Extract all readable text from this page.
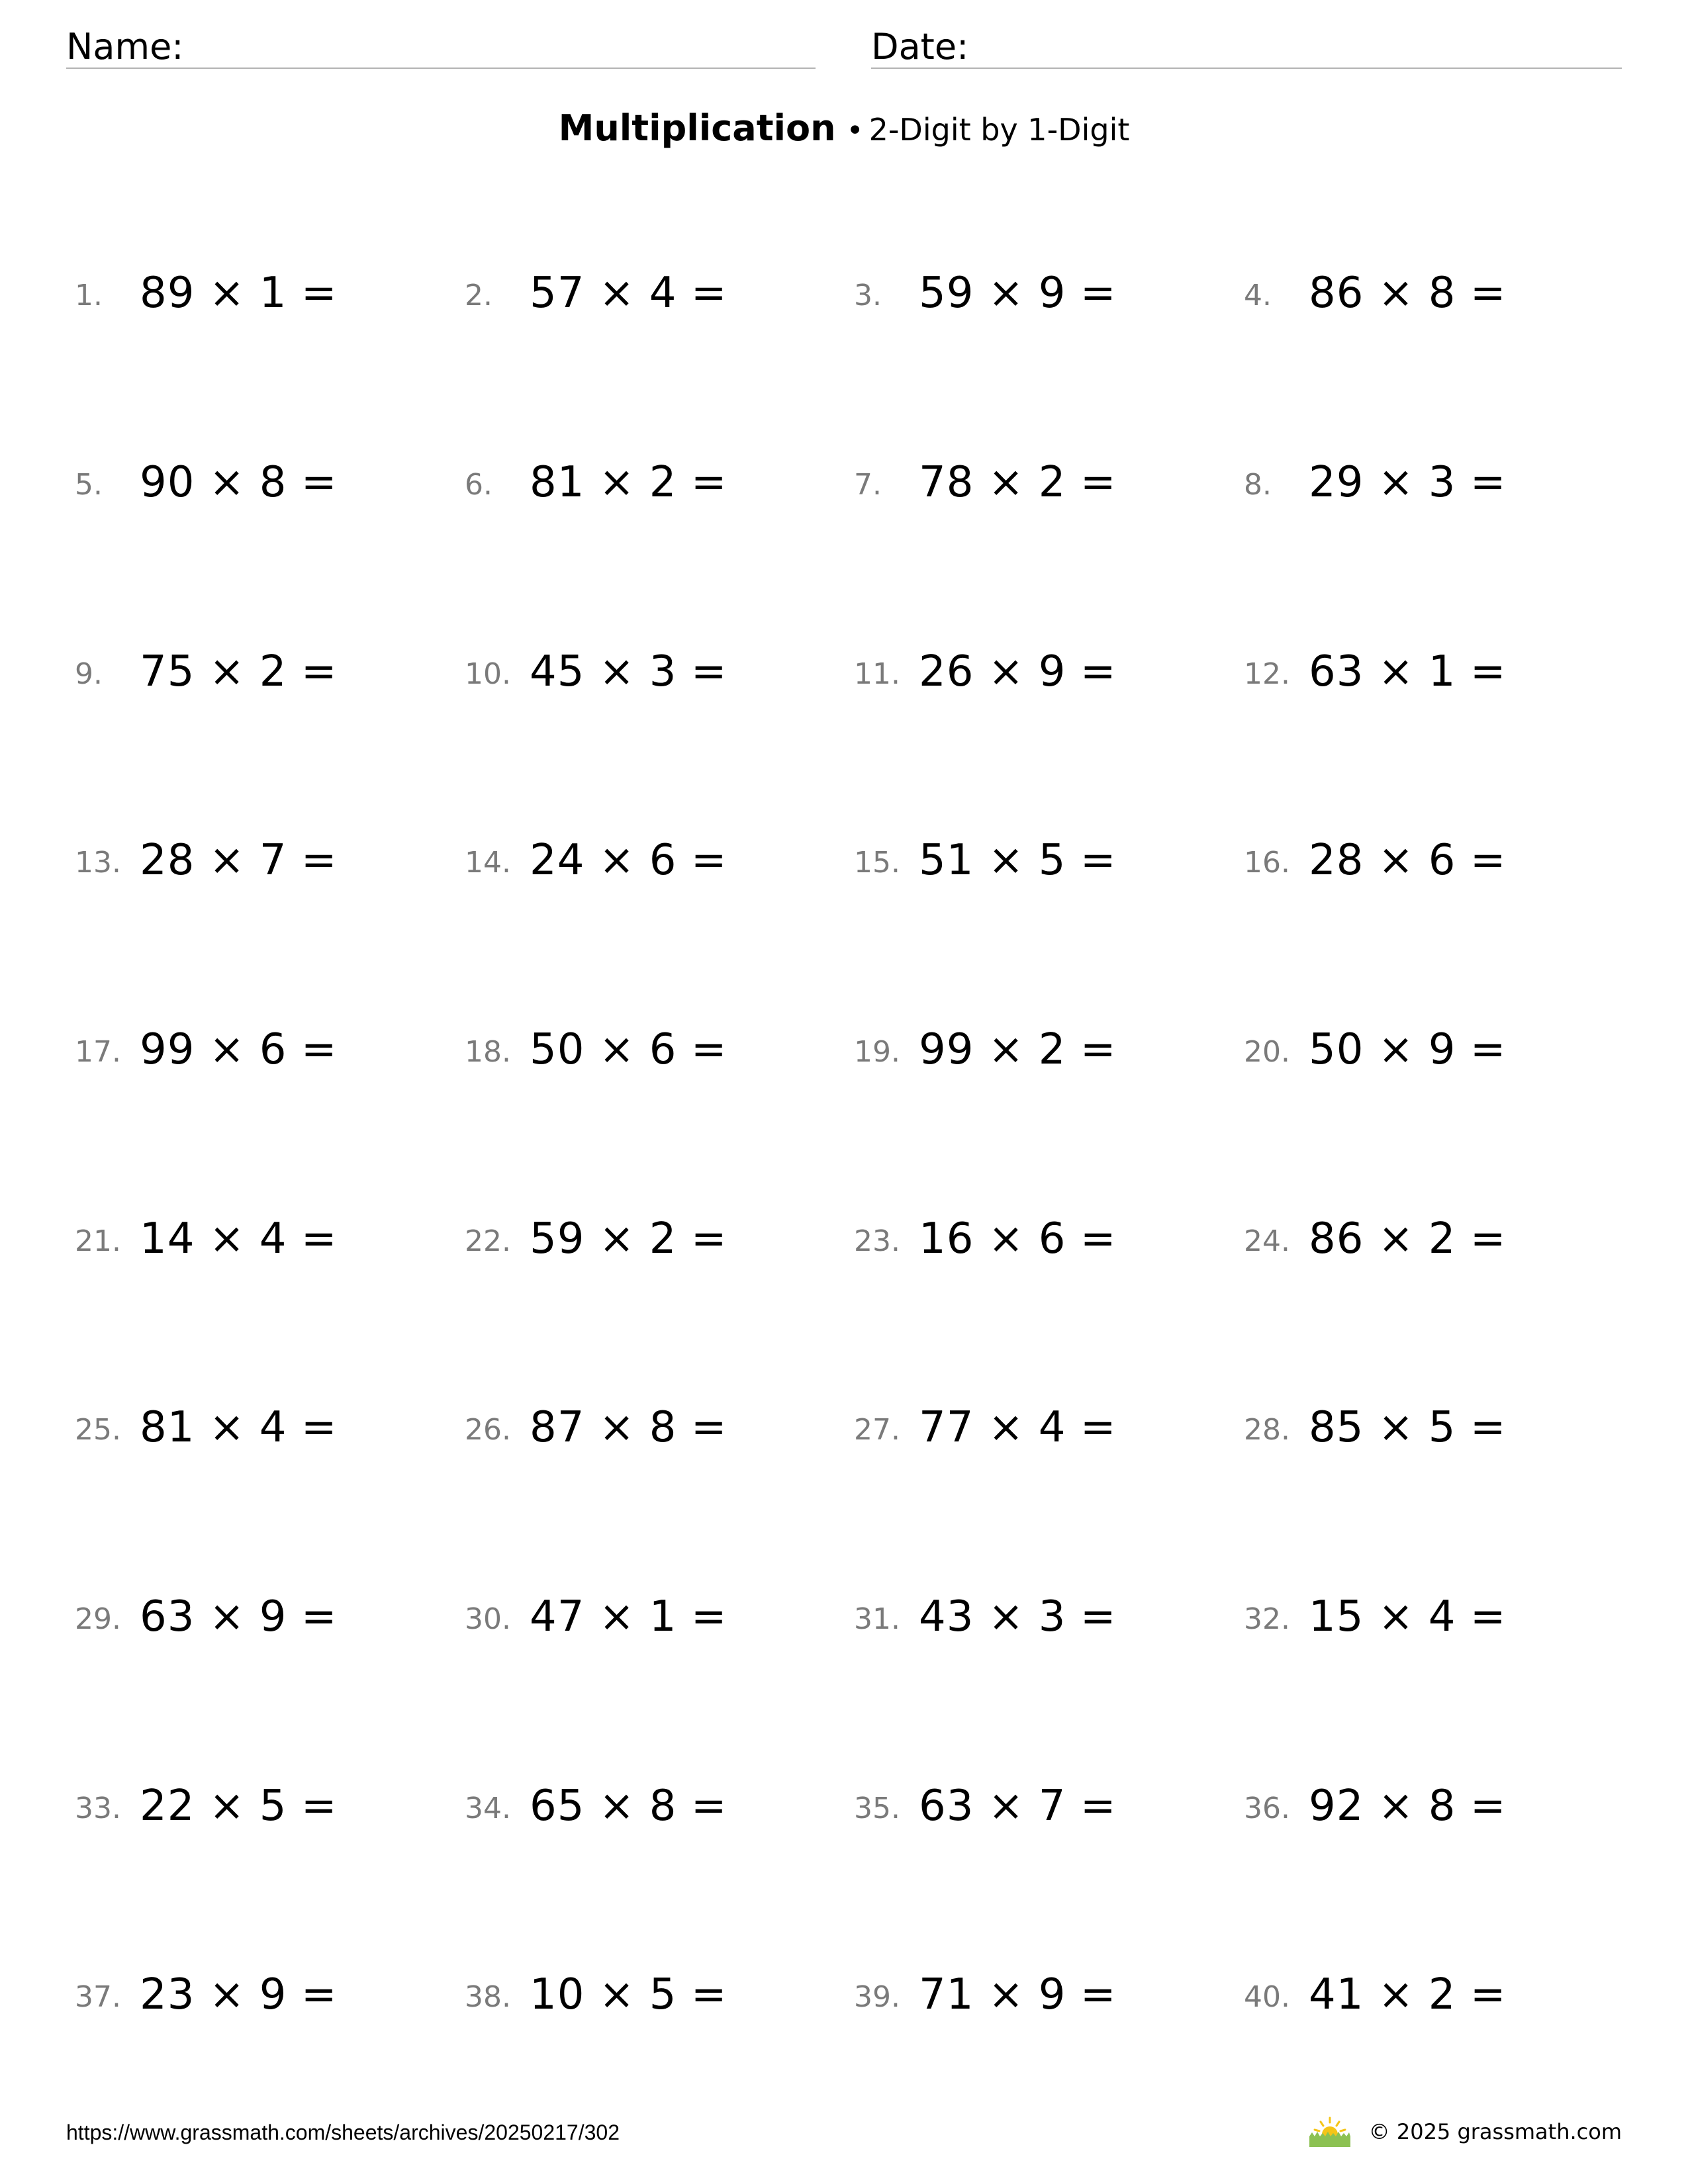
Name:	Date:
Multiplication • 2-Digit by 1-Digit
1. 89 × 1 =	2. 57 × 4 =	3. 59 × 9 =	4. 86 × 8 =
5. 90 × 8 =	6. 81 × 2 =	7. 78 × 2 =	8. 29 × 3 =
9. 75 × 2 =	10. 45 × 3 =	11. 26 × 9 =	12. 63 × 1 =
13. 28 × 7 =	14. 24 × 6 =	15. 51 × 5 =	16. 28 × 6 =
17. 99 × 6 =	18. 50 × 6 =	19. 99 × 2 =	20. 50 × 9 =
21. 14 × 4 =	22. 59 × 2 =	23. 16 × 6 =	24. 86 × 2 =
25. 81 × 4 =	26. 87 × 8 =	27. 77 × 4 =	28. 85 × 5 =
29. 63 × 9 =	30. 47 × 1 =	31. 43 × 3 =	32. 15 × 4 =
33. 22 × 5 =	34. 65 × 8 =	35. 63 × 7 =	36. 92 × 8 =
37. 23 × 9 =	38. 10 × 5 =	39. 71 × 9 =	40. 41 × 2 =
https://www.grassmath.com/sheets/archives/20250217/302	© 2025 grassmath.com
